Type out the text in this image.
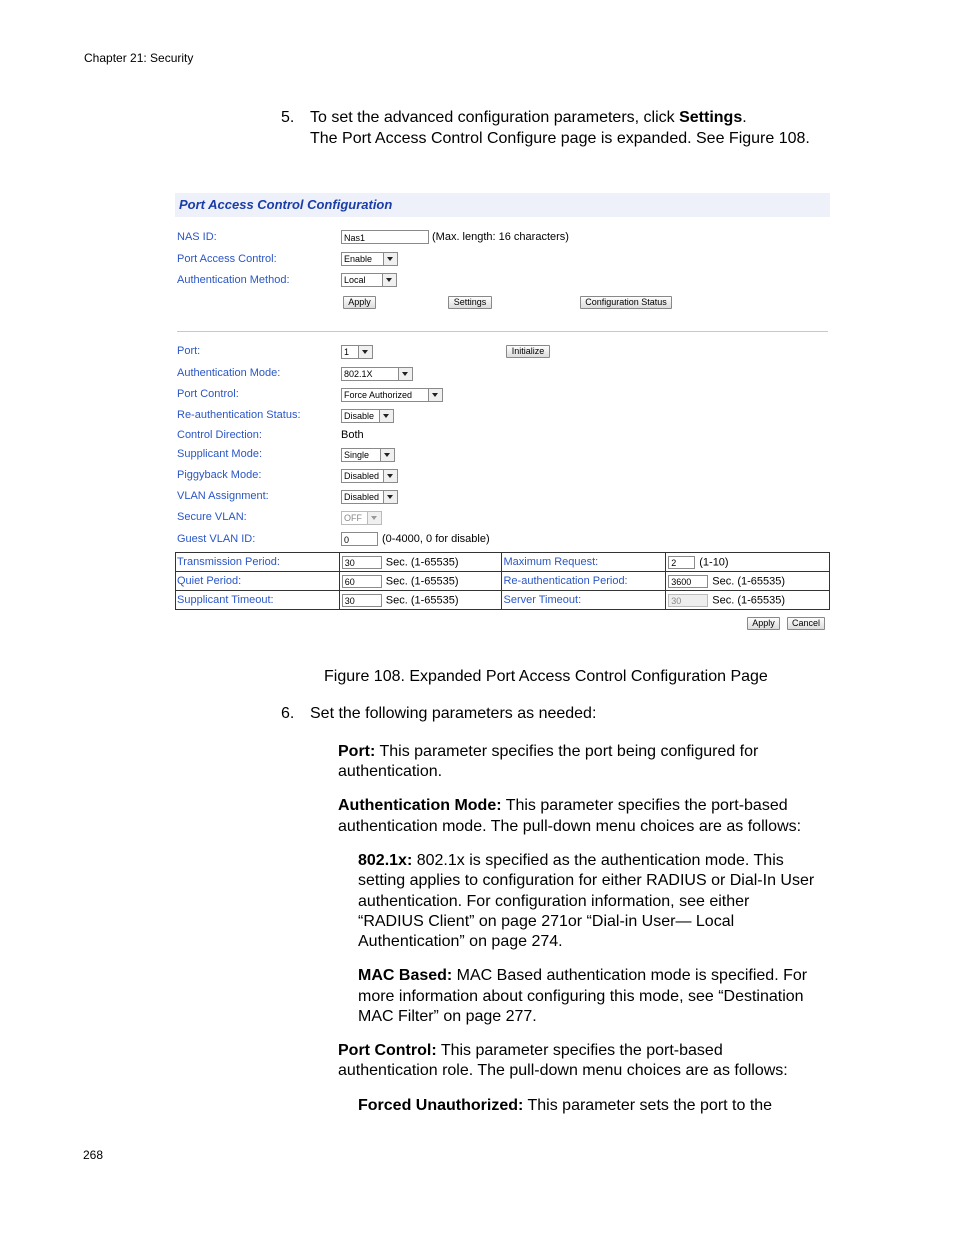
Chapter 21: Security
5. To set the advanced configuration parameters, click Settings.
The Port Access Control Configure page is expanded. See Figure 108.
Port Access Control Configuration
NAS ID:	Nas1	(Max. length: 16 characters)
Port Access Control:	Enable
Authentication Method:	Local
Apply	Settings	Configuration Status
Port:	1	Initialize
Authentication Mode:	802.1X
Port Control:	Force Authorized
Re-authentication Status:	Disable
Control Direction:	Both
Supplicant Mode:	Single
Piggyback Mode:	Disabled
VLAN Assignment:	Disabled
Secure VLAN:	OFF
Guest VLAN ID:	0	(0-4000, 0 for disable)
Transmission Period:	30 Sec. (1-65535)	Maximum Request:	2 (1-10)
Quiet Period:	60 Sec. (1-65535)	Re-authentication Period:	3600 Sec. (1-65535)
Supplicant Timeout:	30 Sec. (1-65535)	Server Timeout:	30 Sec. (1-65535)
Apply	Cancel
Figure 108. Expanded Port Access Control Configuration Page
6. Set the following parameters as needed:
Port: This parameter specifies the port being configured for
authentication.
Authentication Mode: This parameter specifies the port-based
authentication mode. The pull-down menu choices are as follows:
802.1x: 802.1x is specified as the authentication mode. This
setting applies to configuration for either RADIUS or Dial-In User
authentication. For configuration information, see either
“RADIUS Client” on page 271or “Dial-in User— Local
Authentication” on page 274.
MAC Based: MAC Based authentication mode is specified. For
more information about configuring this mode, see “Destination
MAC Filter” on page 277.
Port Control: This parameter specifies the port-based
authentication role. The pull-down menu choices are as follows:
Forced Unauthorized: This parameter sets the port to the
268
